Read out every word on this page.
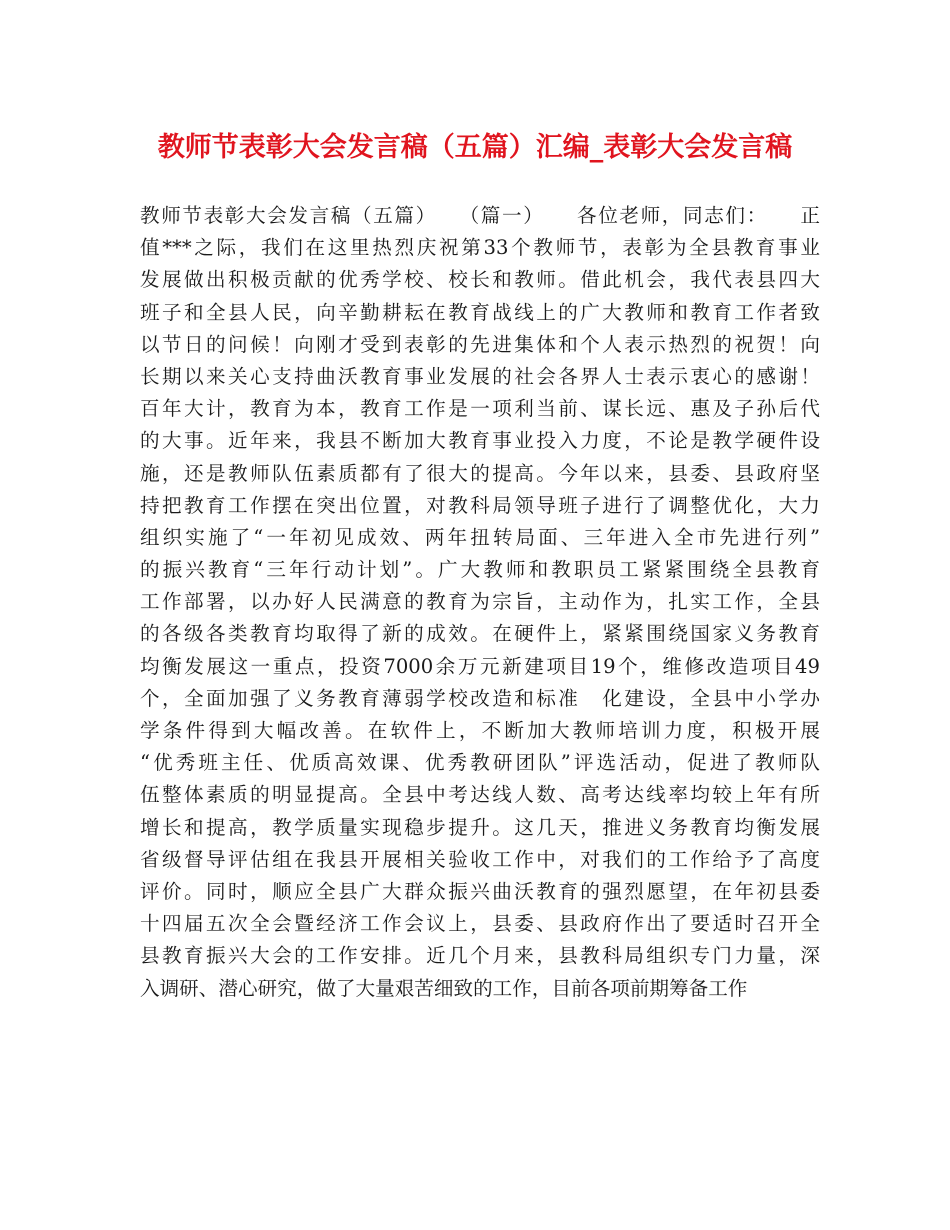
教师节表彰大会发言稿（五篇）汇编_表彰大会发言稿
教师节表彰大会发言稿（五篇）　　（篇一）　　各位老师，同志们：　　正
值***之际，我们在这里热烈庆祝第33个教师节，表彰为全县教育事业
发展做出积极贡献的优秀学校、校长和教师。借此机会，我代表县四大
班子和全县人民，向辛勤耕耘在教育战线上的广大教师和教育工作者致
以节日的问候！向刚才受到表彰的先进集体和个人表示热烈的祝贺！向
长期以来关心支持曲沃教育事业发展的社会各界人士表示衷心的感谢！
百年大计，教育为本，教育工作是一项利当前、谋长远、惠及子孙后代
的大事。近年来，我县不断加大教育事业投入力度，不论是教学硬件设
施，还是教师队伍素质都有了很大的提高。今年以来，县委、县政府坚
持把教育工作摆在突出位置，对教科局领导班子进行了调整优化，大力
组织实施了“一年初见成效、两年扭转局面、三年进入全市先进行列”
的振兴教育“三年行动计划”。广大教师和教职员工紧紧围绕全县教育
工作部署，以办好人民满意的教育为宗旨，主动作为，扎实工作，全县
的各级各类教育均取得了新的成效。在硬件上，紧紧围绕国家义务教育
均衡发展这一重点，投资7000余万元新建项目19个，维修改造项目49
个，全面加强了义务教育薄弱学校改造和标准　化建设，全县中小学办
学条件得到大幅改善。在软件上，不断加大教师培训力度，积极开展
“优秀班主任、优质高效课、优秀教研团队”评选活动，促进了教师队
伍整体素质的明显提高。全县中考达线人数、高考达线率均较上年有所
增长和提高，教学质量实现稳步提升。这几天，推进义务教育均衡发展
省级督导评估组在我县开展相关验收工作中，对我们的工作给予了高度
评价。同时，顺应全县广大群众振兴曲沃教育的强烈愿望，在年初县委
十四届五次全会暨经济工作会议上，县委、县政府作出了要适时召开全
县教育振兴大会的工作安排。近几个月来，县教科局组织专门力量，深
入调研、潜心研究，做了大量艰苦细致的工作，目前各项前期筹备工作
